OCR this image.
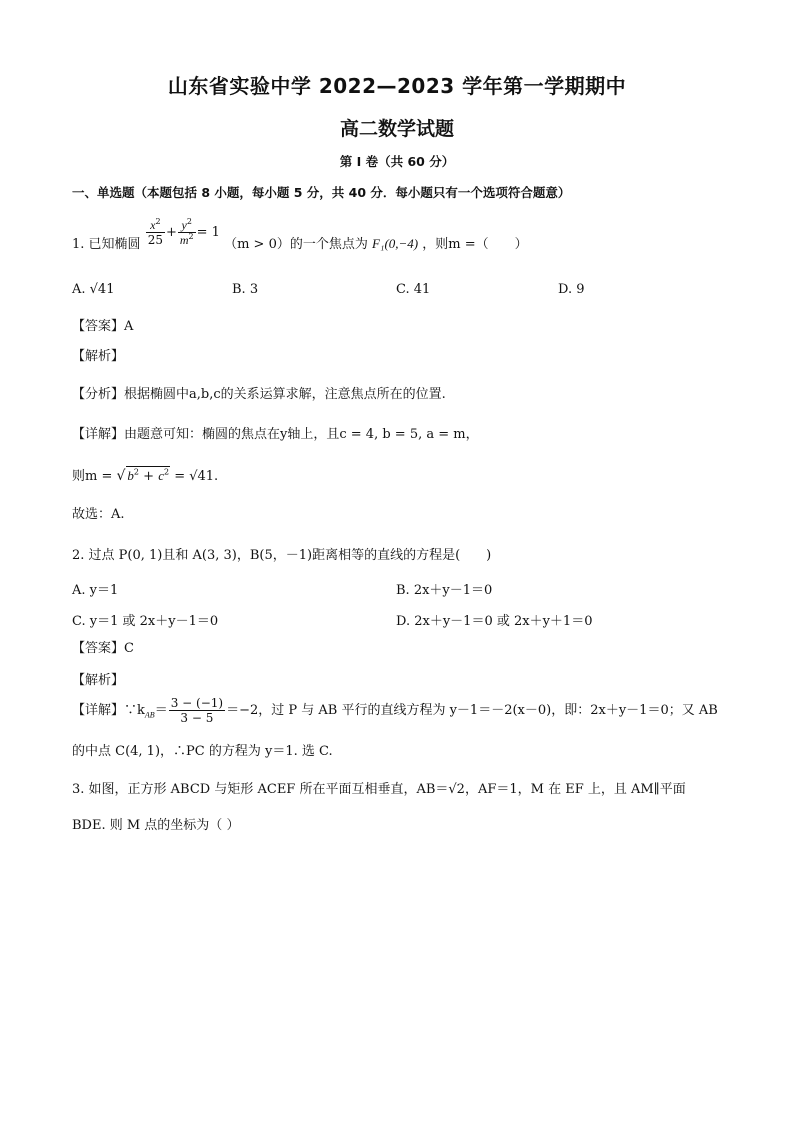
山东省实验中学 2022—2023 学年第一学期期中
高二数学试题
第 I 卷（共 60 分）
一、单选题（本题包括 8 小题，每小题 5 分，共 40 分．每小题只有一个选项符合题意）
1. 已知椭圆 $\frac{x^2}{25} + \frac{y^2}{m^2} = 1$ （m > 0）的一个焦点为 F₁(0,−4) ，则m =（　　）
A. √41	B. 3	C. 41	D. 9
【答案】A
【解析】
【分析】根据椭圆中a,b,c的关系运算求解，注意焦点所在的位置.
【详解】由题意可知：椭圆的焦点在y轴上，且c = 4, b = 5, a = m，
则m = √ $b^2 + c^2 = √41$.
故选：A.
2. 过点 P(0, 1)且和 A(3, 3)，B(5，－1)距离相等的直线的方程是(　　)
A. y＝1	B. 2x＋y－1＝0
C. y＝1 或 2x＋y－1＝0	D. 2x＋y－1＝0 或 2x＋y＋1＝0
【答案】C
【解析】
【详解】$\because k_{AB}= \frac{3 - (-1)}{3 - 5} =-2$，过 P 与 AB 平行的直线方程为 y－1＝－2(x－0)，即：2x＋y－1＝0；又 AB
的中点 C(4, 1)，∴PC 的方程为 y＝1. 选 C.
3. 如图，正方形 ABCD 与矩形 ACEF 所在平面互相垂直，AB＝√2，AF＝1，M 在 EF 上，且 AM∥平面
BDE. 则 M 点的坐标为（ ）
